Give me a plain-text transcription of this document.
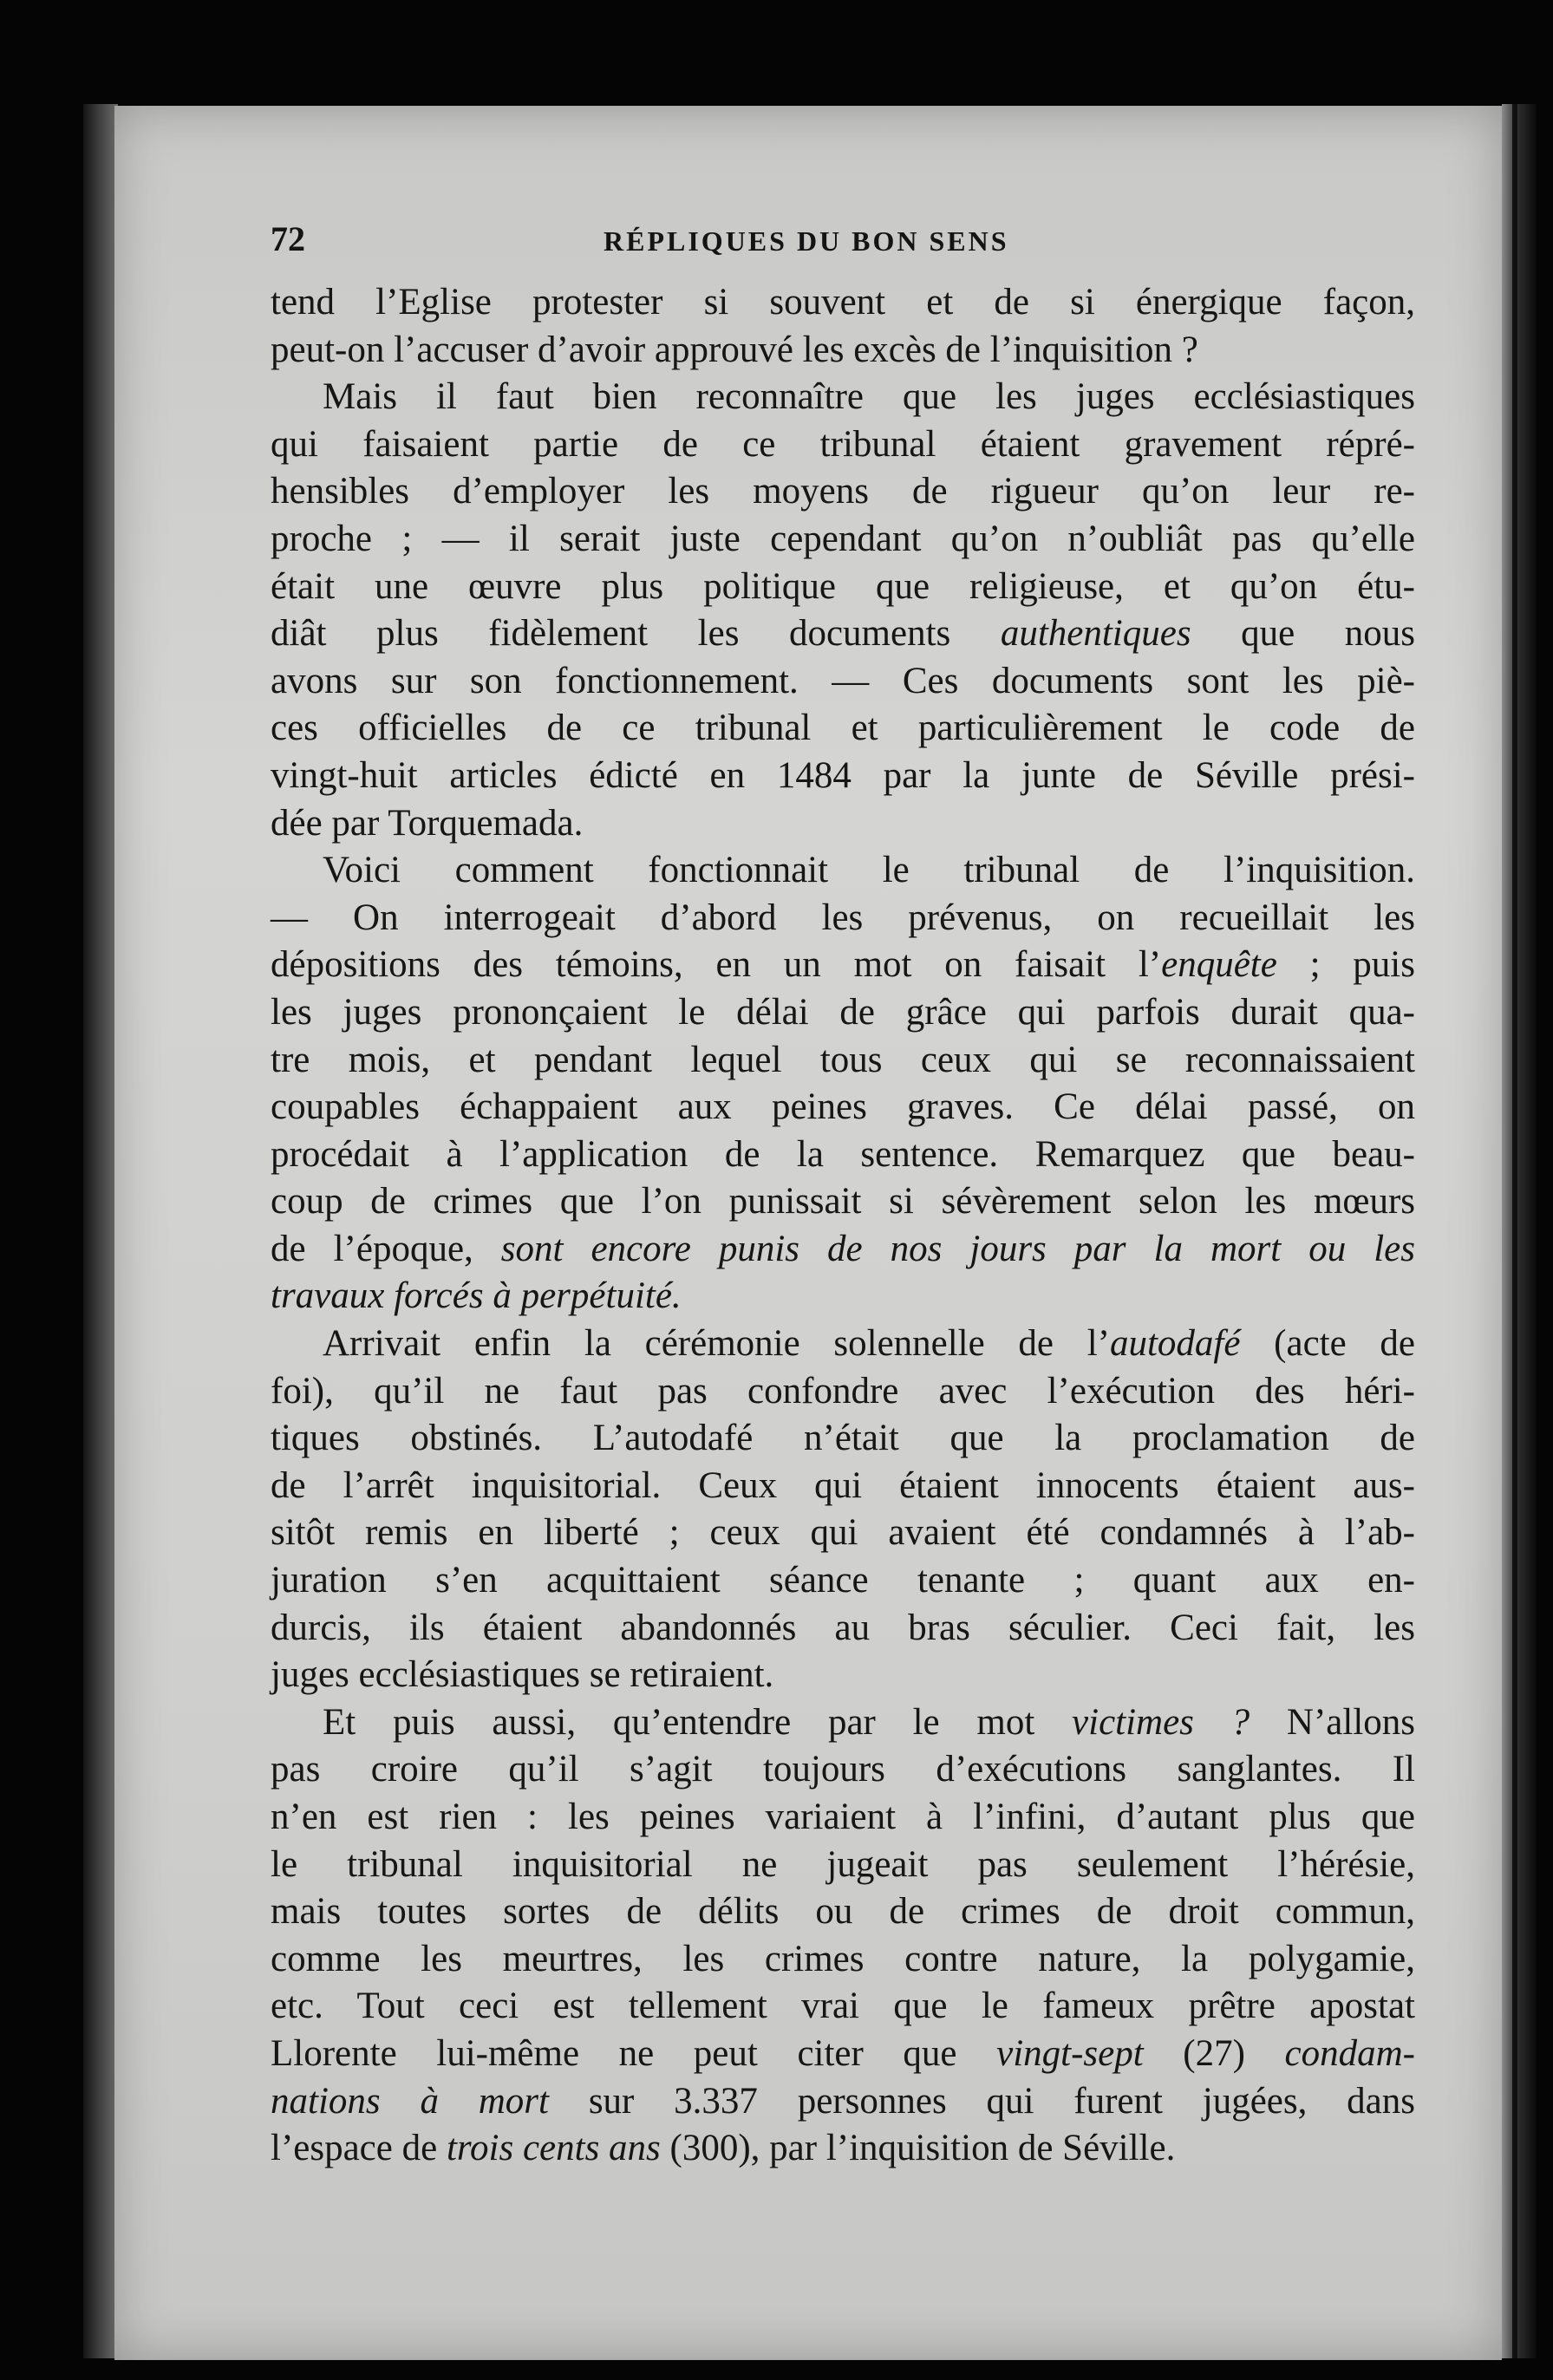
72	RÉPLIQUES DU BON SENS
tend l’Eglise protester si souvent et de si énergique façon,
peut-on l’accuser d’avoir approuvé les excès de l’inquisition ?
Mais il faut bien reconnaître que les juges ecclésiastiques
qui faisaient partie de ce tribunal étaient gravement répré-
hensibles d’employer les moyens de rigueur qu’on leur re-
proche ; — il serait juste cependant qu’on n’oubliât pas qu’elle
était une œuvre plus politique que religieuse, et qu’on étu-
diât plus fidèlement les documents authentiques que nous
avons sur son fonctionnement. — Ces documents sont les piè-
ces officielles de ce tribunal et particulièrement le code de
vingt-huit articles édicté en 1484 par la junte de Séville prési-
dée par Torquemada.
Voici comment fonctionnait le tribunal de l’inquisition.
— On interrogeait d’abord les prévenus, on recueillait les
dépositions des témoins, en un mot on faisait l’enquête ; puis
les juges prononçaient le délai de grâce qui parfois durait qua-
tre mois, et pendant lequel tous ceux qui se reconnaissaient
coupables échappaient aux peines graves. Ce délai passé, on
procédait à l’application de la sentence. Remarquez que beau-
coup de crimes que l’on punissait si sévèrement selon les mœurs
de l’époque, sont encore punis de nos jours par la mort ou les
travaux forcés à perpétuité.
Arrivait enfin la cérémonie solennelle de l’autodafé (acte de
foi), qu’il ne faut pas confondre avec l’exécution des héri-
tiques obstinés. L’autodafé n’était que la proclamation de
de l’arrêt inquisitorial. Ceux qui étaient innocents étaient aus-
sitôt remis en liberté ; ceux qui avaient été condamnés à l’ab-
juration s’en acquittaient séance tenante ; quant aux en-
durcis, ils étaient abandonnés au bras séculier. Ceci fait, les
juges ecclésiastiques se retiraient.
Et puis aussi, qu’entendre par le mot victimes ? N’allons
pas croire qu’il s’agit toujours d’exécutions sanglantes. Il
n’en est rien : les peines variaient à l’infini, d’autant plus que
le tribunal inquisitorial ne jugeait pas seulement l’hérésie,
mais toutes sortes de délits ou de crimes de droit commun,
comme les meurtres, les crimes contre nature, la polygamie,
etc. Tout ceci est tellement vrai que le fameux prêtre apostat
Llorente lui-même ne peut citer que vingt-sept (27) condam-
nations à mort sur 3.337 personnes qui furent jugées, dans
l’espace de trois cents ans (300), par l’inquisition de Séville.
